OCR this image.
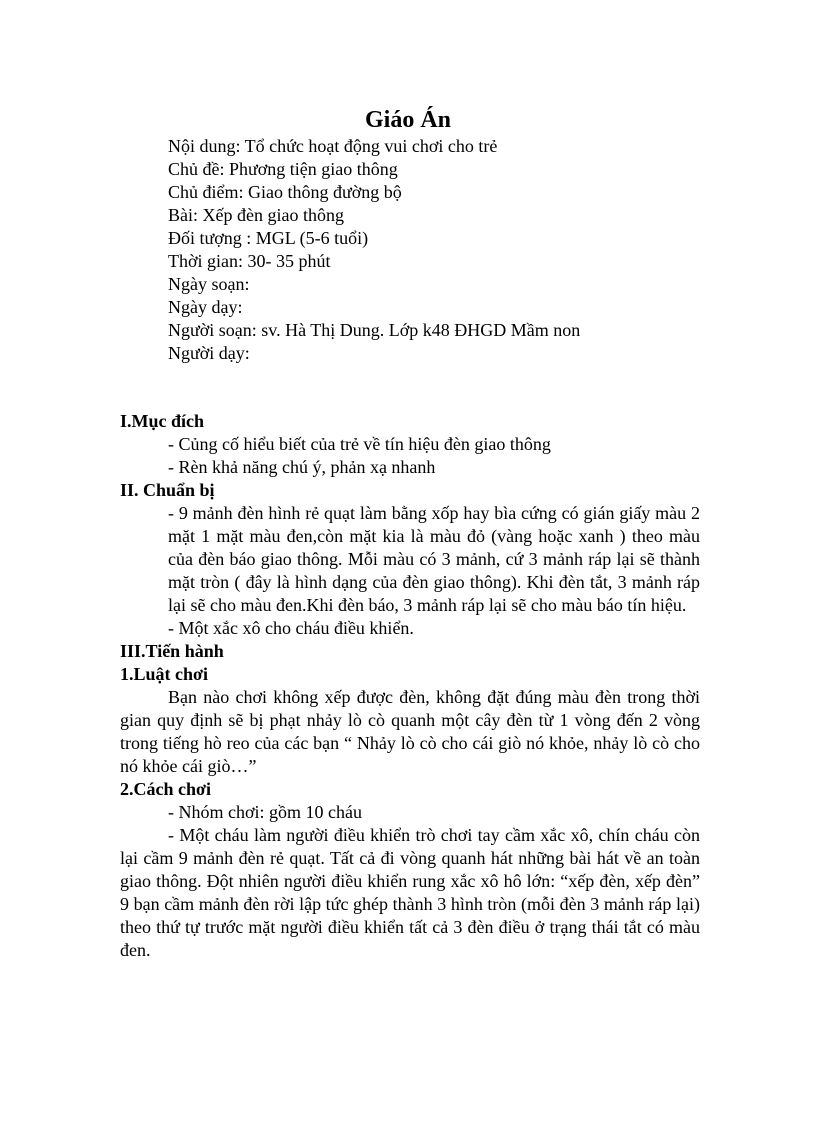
Giáo Án
Nội dung: Tổ chức hoạt động vui chơi cho trẻ
Chủ đề: Phương tiện giao thông
Chủ điểm: Giao thông đường bộ
Bài: Xếp đèn giao thông
Đối tượng : MGL (5-6 tuổi)
Thời gian: 30- 35 phút
Ngày soạn:
Ngày dạy:
Người soạn: sv. Hà Thị Dung. Lớp k48 ĐHGD Mầm non
Người dạy:
I.Mục đích
- Củng cố hiểu biết của trẻ về tín hiệu đèn giao thông
- Rèn khả năng chú ý, phản xạ nhanh
II. Chuẩn bị
- 9 mảnh đèn hình rẻ quạt làm bằng xốp hay bìa cứng có gián giấy màu 2 mặt 1 mặt màu đen,còn mặt kia là màu đỏ (vàng hoặc xanh ) theo màu của đèn báo giao thông. Mỗi màu có 3 mảnh, cứ 3 mảnh ráp lại sẽ thành mặt tròn ( đây là hình dạng của đèn giao thông). Khi đèn tắt, 3 mảnh ráp lại sẽ cho màu đen.Khi đèn báo, 3 mảnh ráp lại sẽ cho màu báo tín hiệu.
- Một xắc xô cho cháu điều khiển.
III.Tiến hành
1.Luật chơi
Bạn nào chơi không xếp được đèn, không đặt đúng màu đèn trong thời gian quy định sẽ bị phạt nhảy lò cò quanh một cây đèn từ 1 vòng đến 2 vòng trong tiếng hò reo của các bạn “ Nhảy lò cò cho cái giò nó khỏe, nhảy lò cò cho nó khỏe cái giò…”
2.Cách chơi
- Nhóm chơi: gồm 10 cháu
- Một cháu làm người điều khiển trò chơi tay cầm xắc xô, chín cháu còn lại cầm 9 mảnh đèn rẻ quạt. Tất cả đi vòng quanh hát những bài hát về an toàn giao thông. Đột nhiên người điều khiển rung xắc xô hô lớn: “xếp đèn, xếp đèn” 9 bạn cầm mảnh đèn rời lập tức ghép thành 3 hình tròn (mỗi đèn 3 mảnh ráp lại) theo thứ tự trước mặt người điều khiển tất cả 3 đèn điều ở trạng thái tắt có màu đen.
